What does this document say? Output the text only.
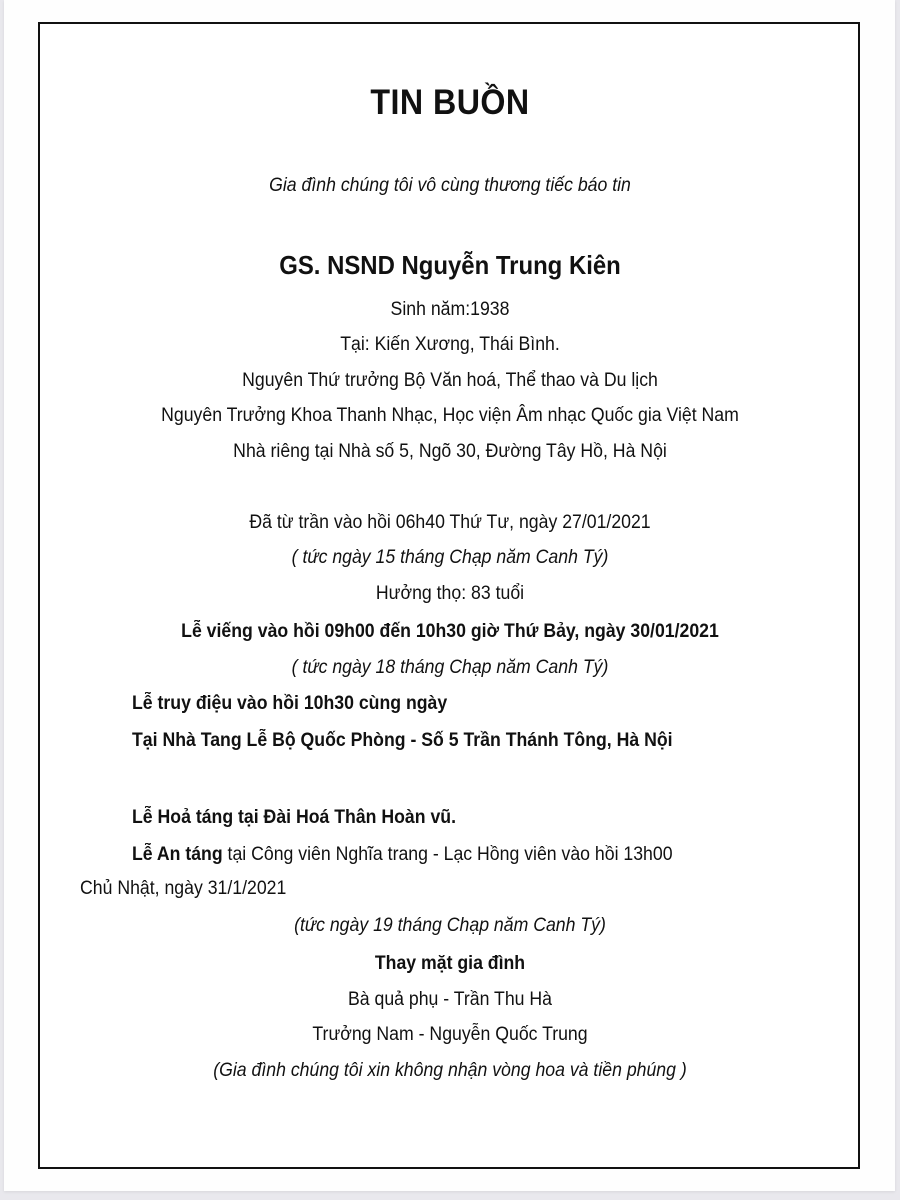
TIN BUỒN
Gia đình chúng tôi vô cùng thương tiếc báo tin
GS. NSND Nguyễn Trung Kiên
Sinh năm:1938
Tại: Kiến Xương, Thái Bình.
Nguyên Thứ trưởng Bộ Văn hoá, Thể thao và Du lịch
Nguyên Trưởng Khoa Thanh Nhạc, Học viện Âm nhạc Quốc gia Việt Nam
Nhà riêng tại Nhà số 5, Ngõ 30, Đường Tây Hồ, Hà Nội
Đã từ trần vào hồi 06h40 Thứ Tư, ngày 27/01/2021
( tức ngày 15 tháng Chạp năm Canh Tý)
Hưởng thọ: 83 tuổi
Lễ viếng vào hồi 09h00 đến 10h30 giờ Thứ Bảy, ngày 30/01/2021
( tức ngày 18 tháng Chạp năm Canh Tý)
Lễ truy điệu vào hồi 10h30 cùng ngày
Tại Nhà Tang Lễ Bộ Quốc Phòng - Số 5 Trần Thánh Tông, Hà Nội
Lễ Hoả táng tại Đài Hoá Thân Hoàn vũ.
Lễ An táng tại Công viên Nghĩa trang - Lạc Hồng viên vào hồi 13h00
Chủ Nhật, ngày 31/1/2021
(tức ngày 19 tháng Chạp năm Canh Tý)
Thay mặt gia đình
Bà quả phụ - Trần Thu Hà
Trưởng Nam - Nguyễn Quốc Trung
(Gia đình chúng tôi xin không nhận vòng hoa và tiền phúng )
